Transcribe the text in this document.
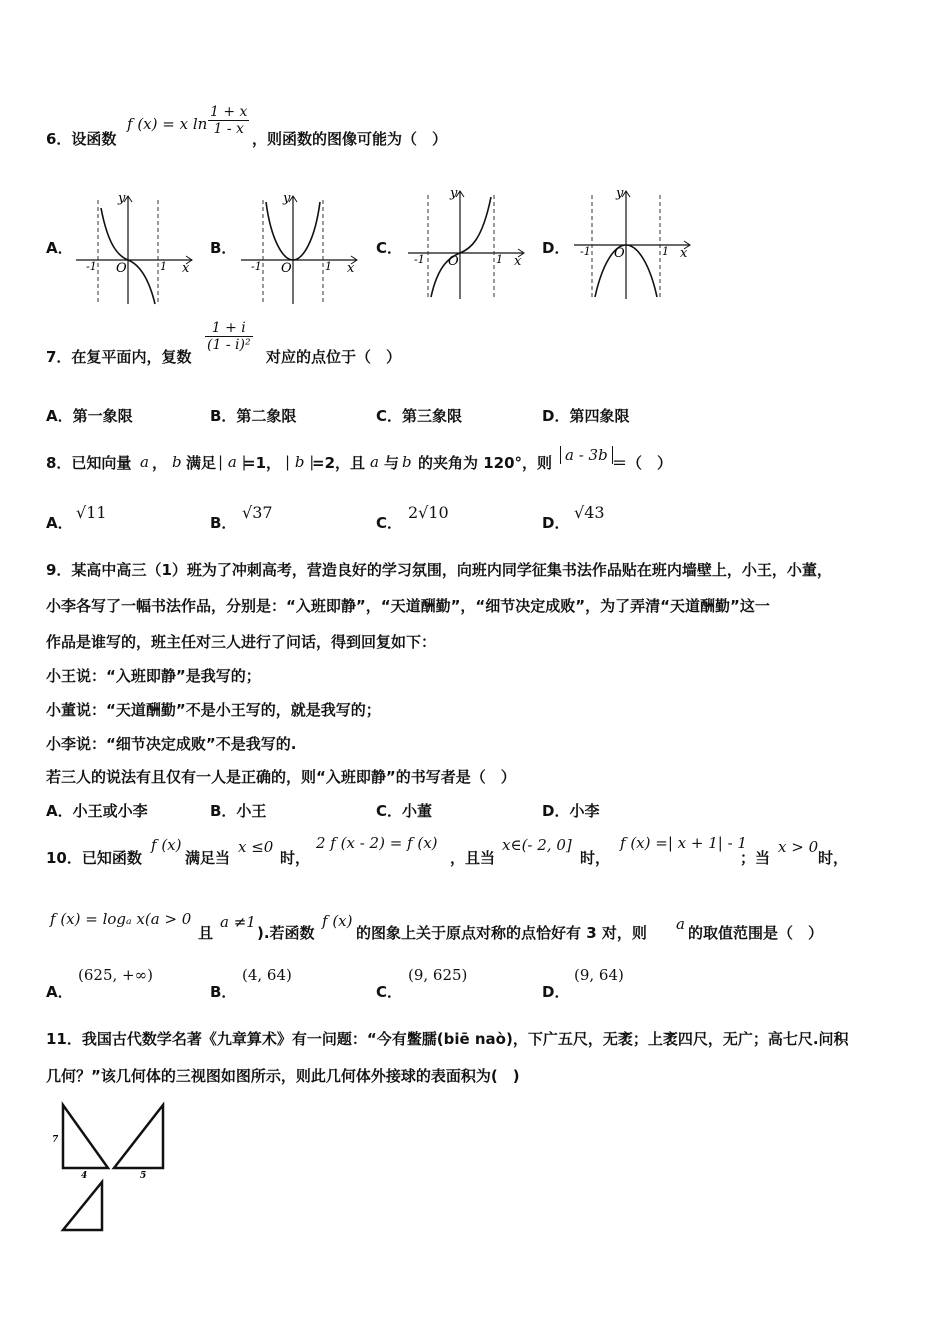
6．设函数
f (x) = x $\ln \frac{1 + x}{1 - x}$
，则函数的图像可能为（　）
A．
y
x
O
-1	1
B．
y
x
O
-1	1
C．
y
x
O
-1	1
D．
y
x
O
-1	1
7．在复平面内，复数
$\frac{1 + i}{\text{(1 - i)²}}$
对应的点位于（　）
A．第一象限	B．第二象限	C．第三象限	D．第四象限
8．已知向量 a ， b 满足 | a |
=1， | b |
=2，且 a 与 b 的夹角为 120°，则 a - 3b ＝（　）
A．
√11
B．
√37
C．
2√10
D．
√43
9．某高中高三（1）班为了冲刺高考，营造良好的学习氛围，向班内同学征集书法作品贴在班内墙壁上，小王，小董，
小李各写了一幅书法作品，分别是：“入班即静”，“天道酬勤”，“细节决定成败”，为了弄清“天道酬勤”这一
作品是谁写的，班主任对三人进行了问话，得到回复如下：
小王说：“入班即静”是我写的；
小董说：“天道酬勤”不是小王写的，就是我写的；
小李说：“细节决定成败”不是我写的.
若三人的说法有且仅有一人是正确的，则“入班即静”的书写者是（　）
A．小王或小李	B．小王	C．小董	D．小李
10．已知函数
f (x)
满足当
x ≤0
时，
2 f (x - 2) = f (x)
，且当
x∈(- 2, 0]
时，
f (x) =| x + 1| - 1
；当
x > 0
时，
f (x) = logₐ x(a > 0
且
a ≠1
).若函数
f (x)
的图象上关于原点对称的点恰好有 3 对，则 a 的取值范围是（　）
A．
(625, +∞)
B．
(4, 64)
C．
(9, 625)
D．
(9, 64)
11．我国古代数学名著《九章算术》有一问题：“今有鳖臑(biē naò)，下广五尺，无袤；上袤四尺，无广；高七尺.问积
几何？”该几何体的三视图如图所示，则此几何体外接球的表面积为(　)
7
4	5
